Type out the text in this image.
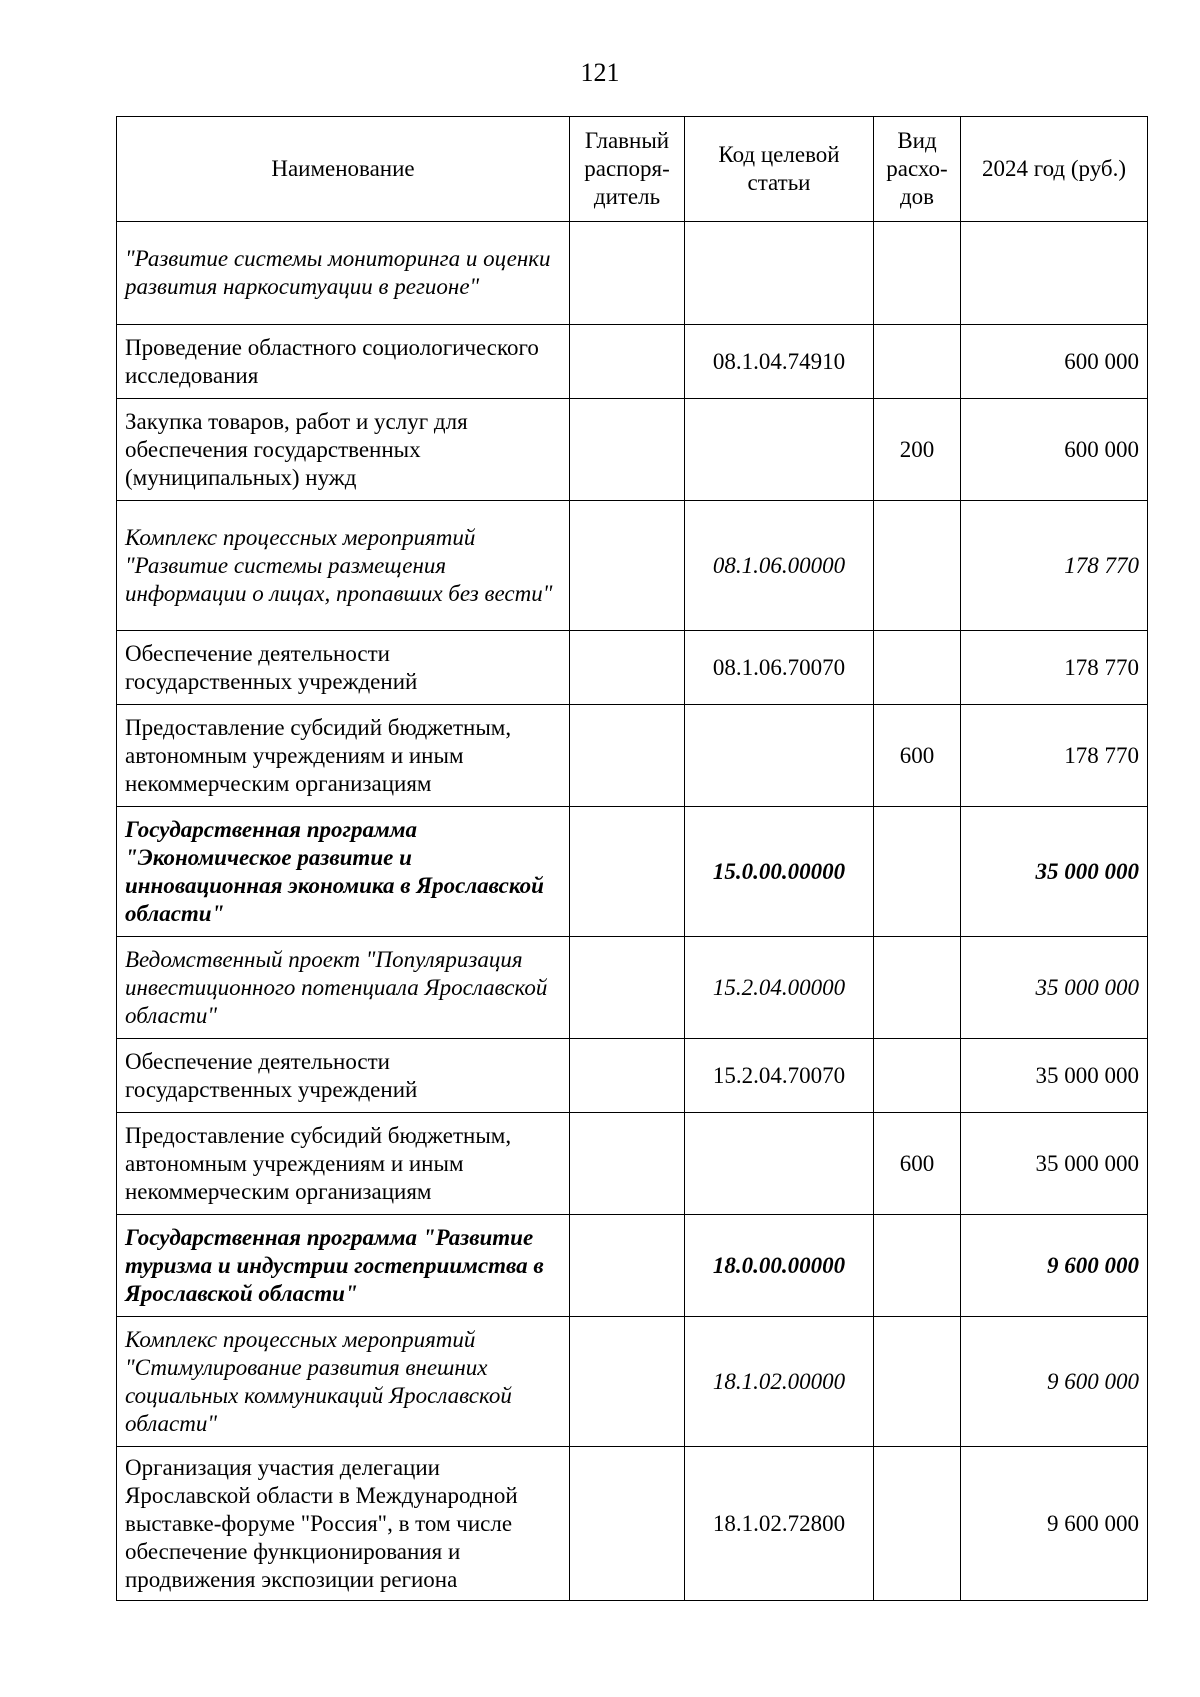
121
Наименование	Главный распоря-дитель	Код целевой статьи	Вид расхо-дов	2024 год (руб.)
"Развитие системы мониторинга и оценки развития наркоситуации в регионе"				
Проведение областного социологического исследования		08.1.04.74910		600 000
Закупка товаров, работ и услуг для обеспечения государственных (муниципальных) нужд			200	600 000
Комплекс процессных мероприятий "Развитие системы размещения информации о лицах, пропавших без вести"		08.1.06.00000		178 770
Обеспечение деятельности государственных учреждений		08.1.06.70070		178 770
Предоставление субсидий бюджетным, автономным учреждениям и иным некоммерческим организациям			600	178 770
Государственная программа "Экономическое развитие и инновационная экономика в Ярославской области"		15.0.00.00000		35 000 000
Ведомственный проект "Популяризация инвестиционного потенциала Ярославской области"		15.2.04.00000		35 000 000
Обеспечение деятельности государственных учреждений		15.2.04.70070		35 000 000
Предоставление субсидий бюджетным, автономным учреждениям и иным некоммерческим организациям			600	35 000 000
Государственная программа "Развитие туризма и индустрии гостеприимства в Ярославской области"		18.0.00.00000		9 600 000
Комплекс процессных мероприятий "Стимулирование развития внешних социальных коммуникаций Ярославской области"		18.1.02.00000		9 600 000
Организация участия делегации Ярославской области в Международной выставке-форуме "Россия", в том числе обеспечение функционирования и продвижения экспозиции региона		18.1.02.72800		9 600 000
